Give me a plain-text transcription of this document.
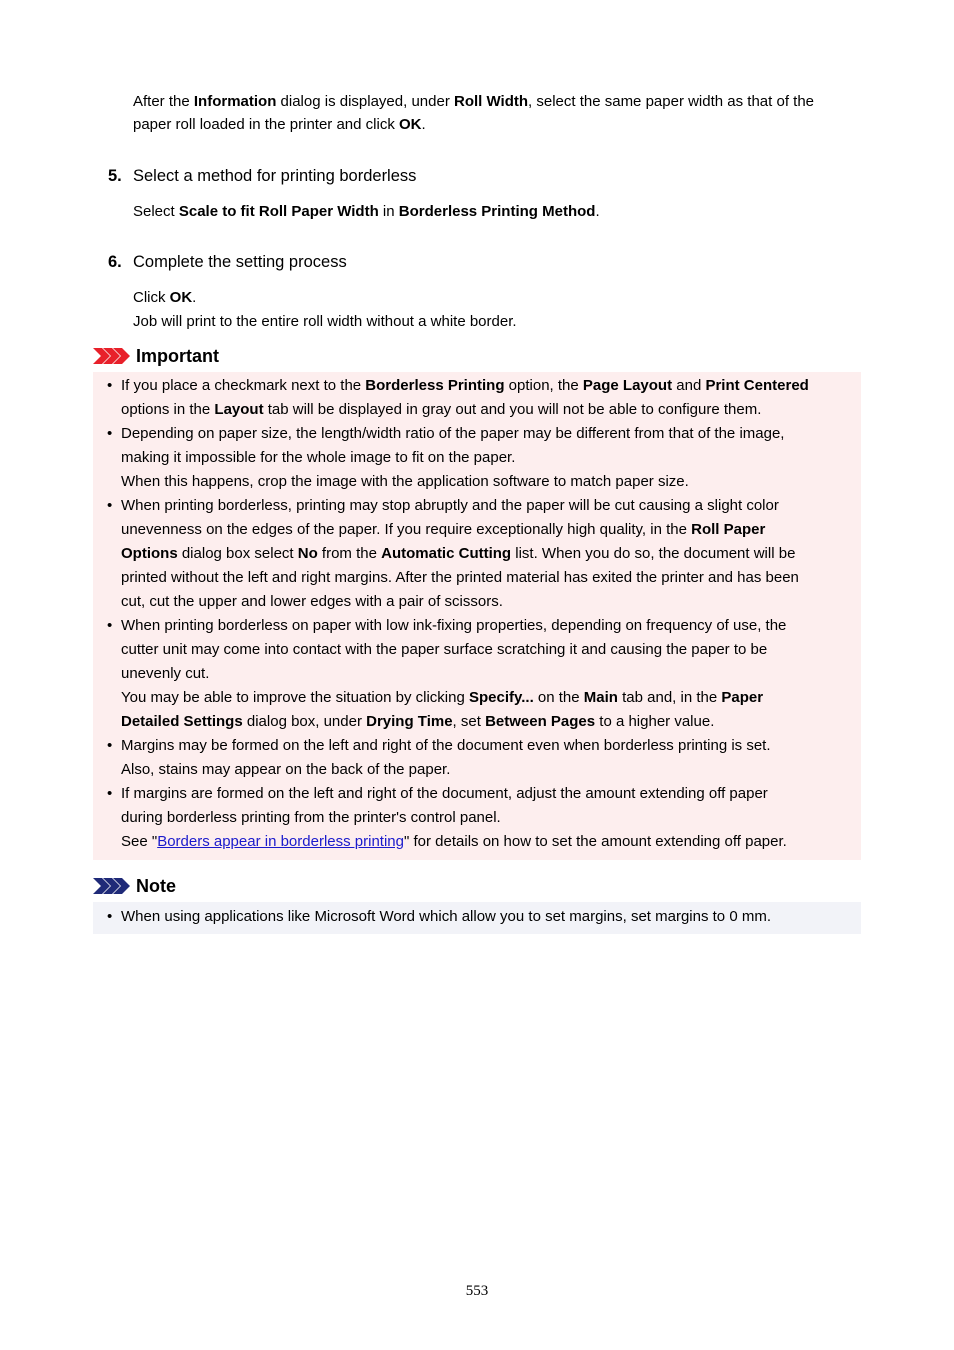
After the Information dialog is displayed, under Roll Width, select the same paper width as that of the
paper roll loaded in the printer and click OK.
5. Select a method for printing borderless
Select Scale to fit Roll Paper Width in Borderless Printing Method.
6. Complete the setting process
Click OK.
Job will print to the entire roll width without a white border.
Important
• If you place a checkmark next to the Borderless Printing option, the Page Layout and Print Centered
options in the Layout tab will be displayed in gray out and you will not be able to configure them.
• Depending on paper size, the length/width ratio of the paper may be different from that of the image,
making it impossible for the whole image to fit on the paper.
When this happens, crop the image with the application software to match paper size.
• When printing borderless, printing may stop abruptly and the paper will be cut causing a slight color
unevenness on the edges of the paper. If you require exceptionally high quality, in the Roll Paper
Options dialog box select No from the Automatic Cutting list. When you do so, the document will be
printed without the left and right margins. After the printed material has exited the printer and has been
cut, cut the upper and lower edges with a pair of scissors.
• When printing borderless on paper with low ink-fixing properties, depending on frequency of use, the
cutter unit may come into contact with the paper surface scratching it and causing the paper to be
unevenly cut.
You may be able to improve the situation by clicking Specify... on the Main tab and, in the Paper
Detailed Settings dialog box, under Drying Time, set Between Pages to a higher value.
• Margins may be formed on the left and right of the document even when borderless printing is set.
Also, stains may appear on the back of the paper.
• If margins are formed on the left and right of the document, adjust the amount extending off paper
during borderless printing from the printer's control panel.
See "Borders appear in borderless printing" for details on how to set the amount extending off paper.
Note
• When using applications like Microsoft Word which allow you to set margins, set margins to 0 mm.
553
